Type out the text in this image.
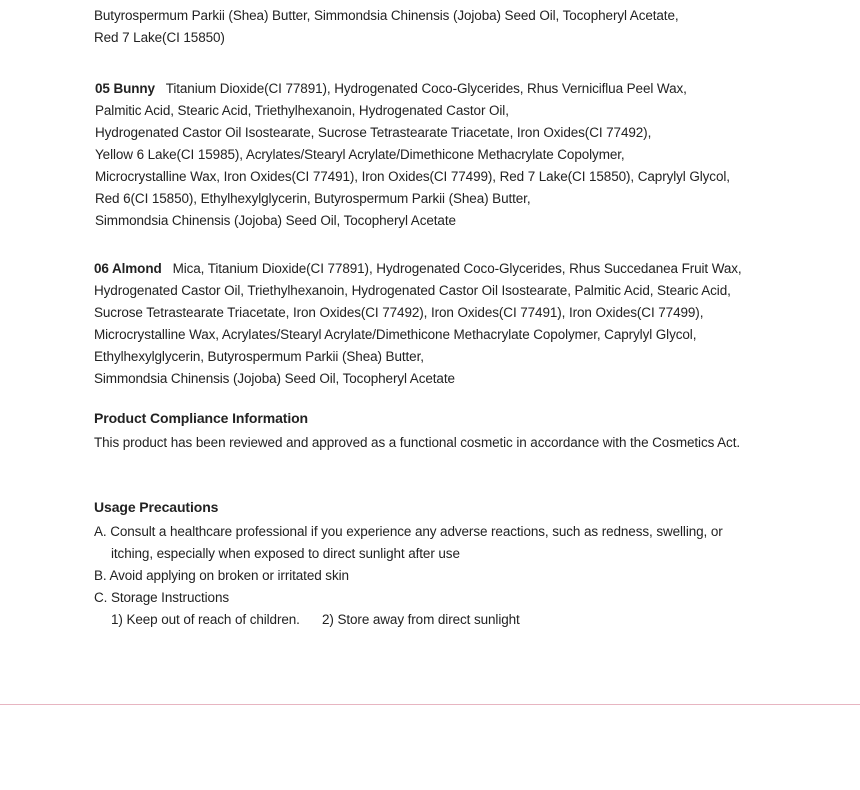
Butyrospermum Parkii (Shea) Butter, Simmondsia Chinensis (Jojoba) Seed Oil, Tocopheryl Acetate,
Red 7 Lake(CI 15850)
05 Bunny Titanium Dioxide(CI 77891), Hydrogenated Coco-Glycerides, Rhus Verniciflua Peel Wax,
Palmitic Acid, Stearic Acid, Triethylhexanoin, Hydrogenated Castor Oil,
Hydrogenated Castor Oil Isostearate, Sucrose Tetrastearate Triacetate, Iron Oxides(CI 77492),
Yellow 6 Lake(CI 15985), Acrylates/Stearyl Acrylate/Dimethicone Methacrylate Copolymer,
Microcrystalline Wax, Iron Oxides(CI 77491), Iron Oxides(CI 77499), Red 7 Lake(CI 15850), Caprylyl Glycol,
Red 6(CI 15850), Ethylhexylglycerin, Butyrospermum Parkii (Shea) Butter,
Simmondsia Chinensis (Jojoba) Seed Oil, Tocopheryl Acetate
06 Almond Mica, Titanium Dioxide(CI 77891), Hydrogenated Coco-Glycerides, Rhus Succedanea Fruit Wax,
Hydrogenated Castor Oil, Triethylhexanoin, Hydrogenated Castor Oil Isostearate, Palmitic Acid, Stearic Acid,
Sucrose Tetrastearate Triacetate, Iron Oxides(CI 77492), Iron Oxides(CI 77491), Iron Oxides(CI 77499),
Microcrystalline Wax, Acrylates/Stearyl Acrylate/Dimethicone Methacrylate Copolymer, Caprylyl Glycol,
Ethylhexylglycerin, Butyrospermum Parkii (Shea) Butter,
Simmondsia Chinensis (Jojoba) Seed Oil, Tocopheryl Acetate
Product Compliance Information
This product has been reviewed and approved as a functional cosmetic in accordance with the Cosmetics Act.
Usage Precautions
A. Consult a healthcare professional if you experience any adverse reactions, such as redness, swelling, or
itching, especially when exposed to direct sunlight after use
B. Avoid applying on broken or irritated skin
C. Storage Instructions
1) Keep out of reach of children. 2) Store away from direct sunlight
